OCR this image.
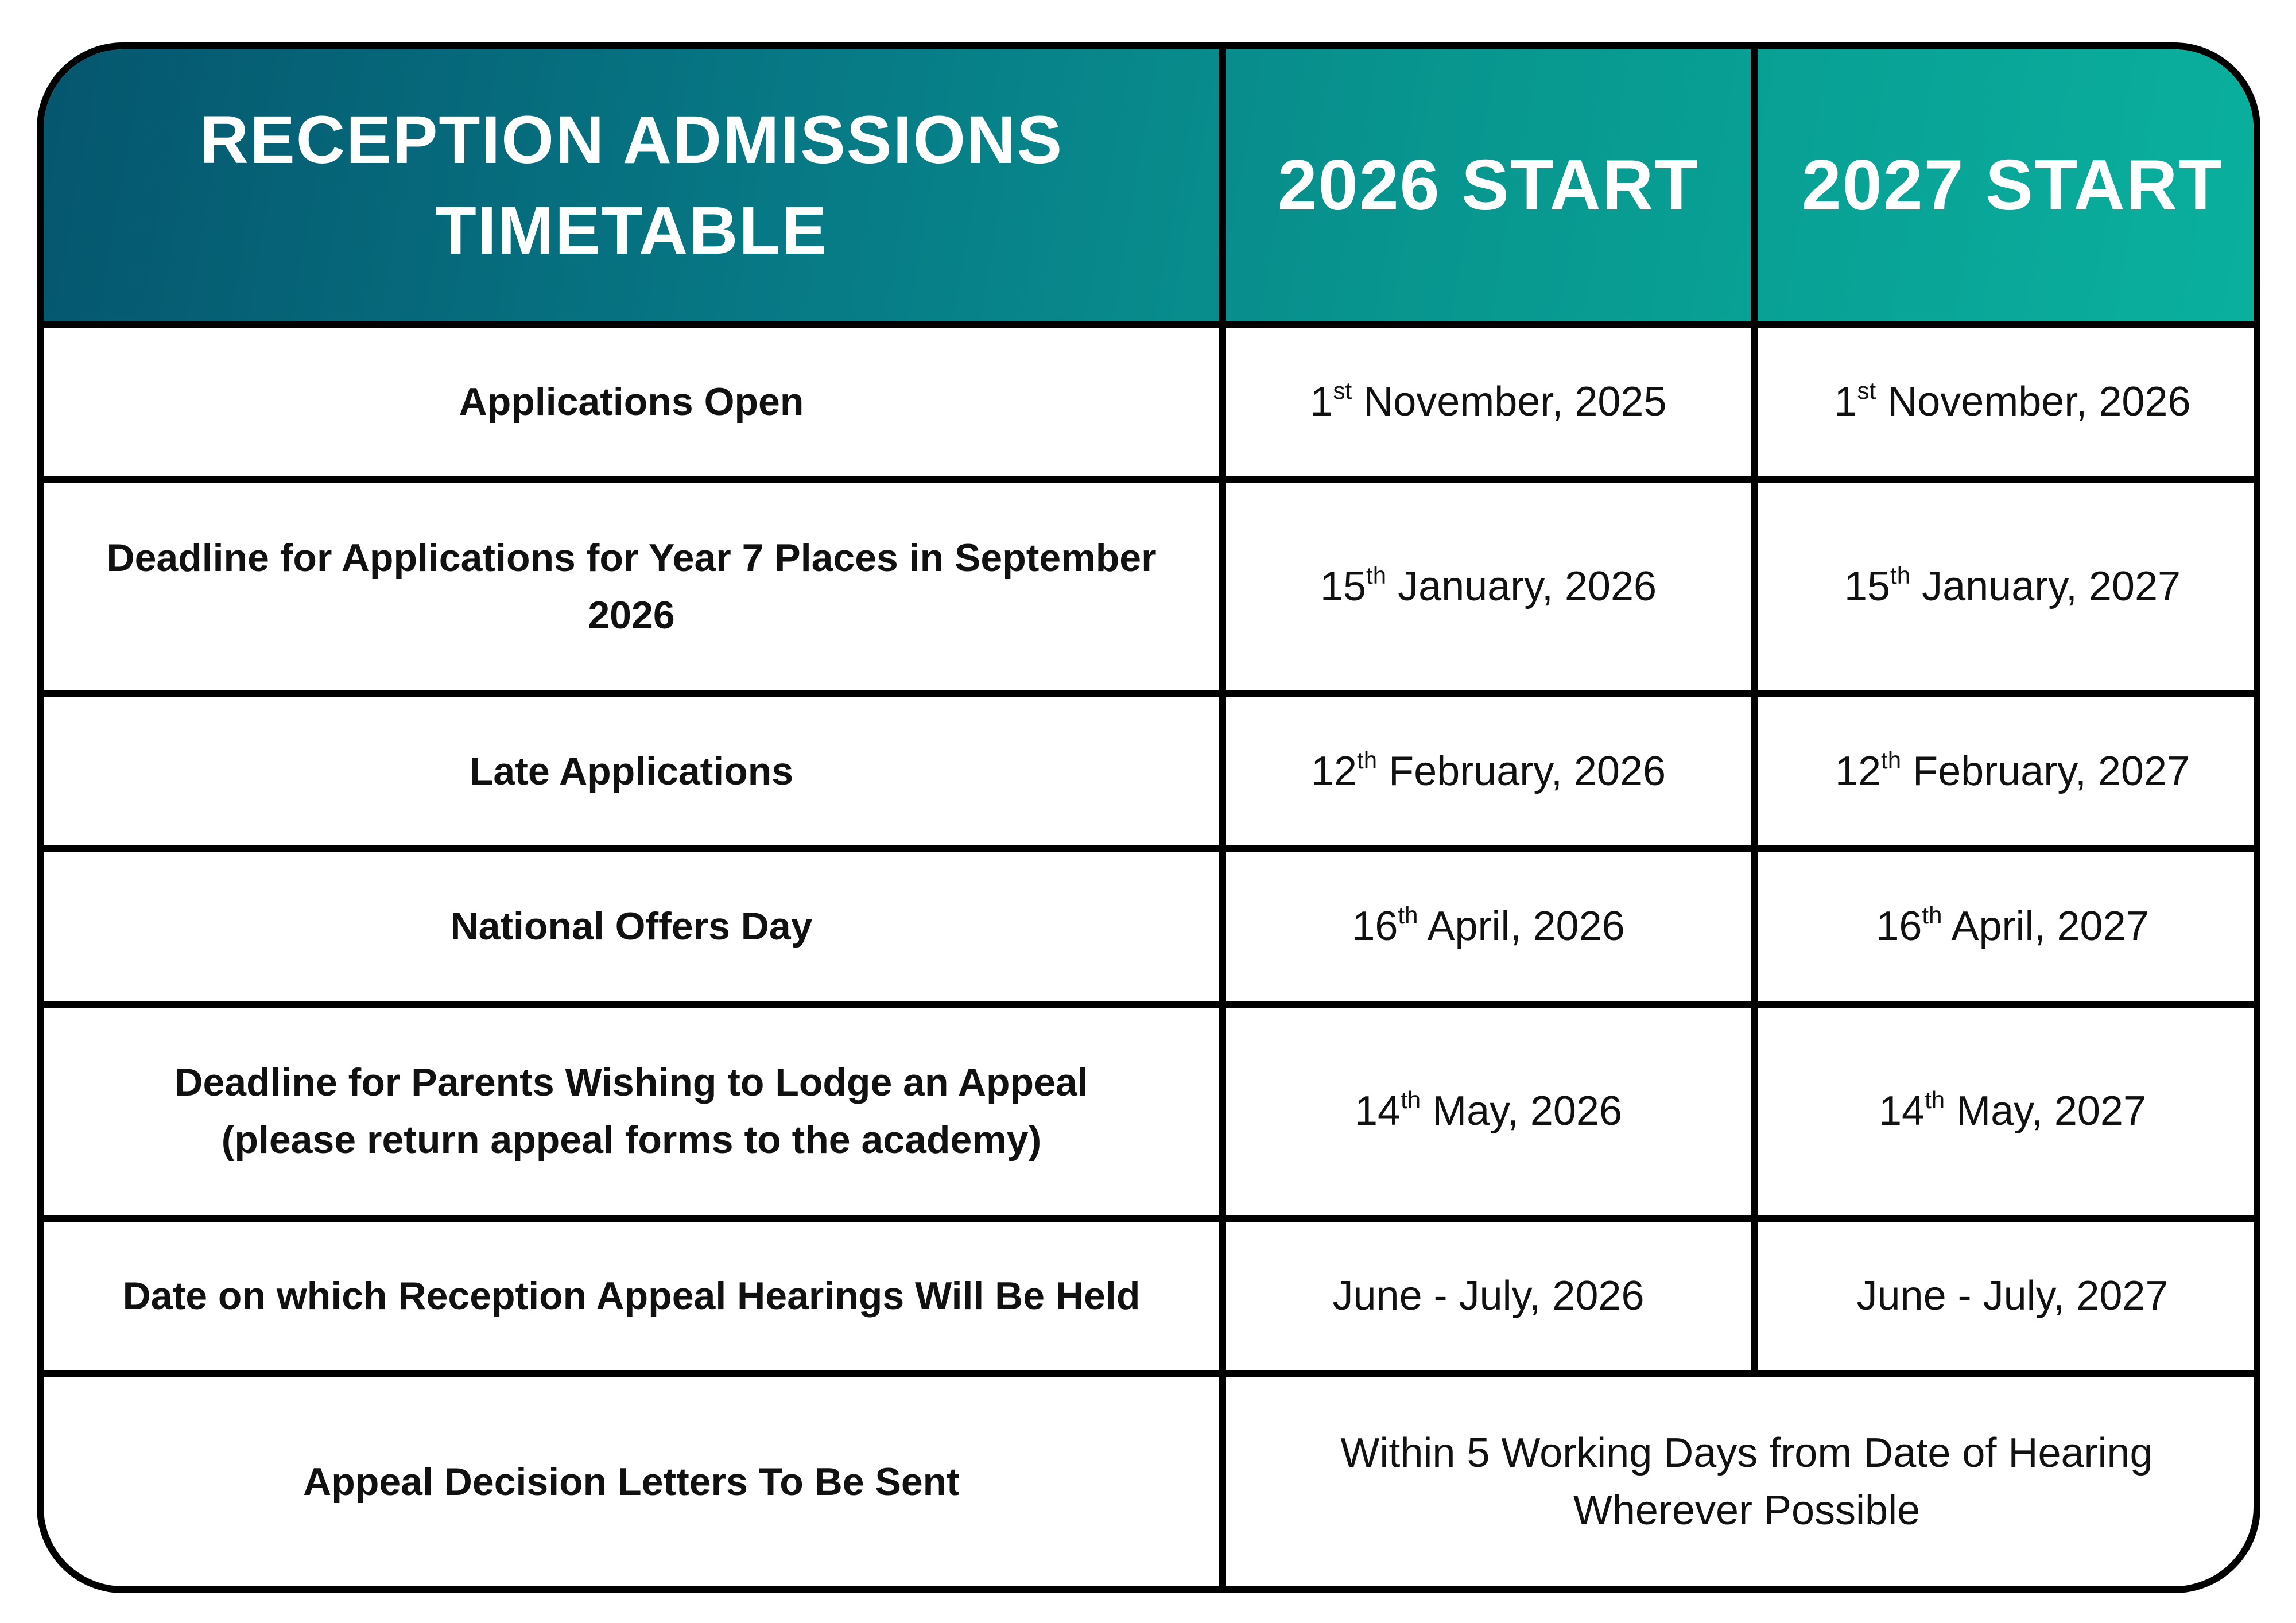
RECEPTION ADMISSIONS TIMETABLE	2026 START	2027 START

Applications Open	1st November, 2025	1st November, 2026
Deadline for Applications for Year 7 Places in September 2026	15th January, 2026	15th January, 2027
Late Applications	12th February, 2026	12th February, 2027
National Offers Day	16th April, 2026	16th April, 2027

Deadline for Parents Wishing to Lodge an Appeal
(please return appeal forms to the academy)	14th May, 2026	14th May, 2027
Date on which Reception Appeal Hearings Will Be Held	June - July, 2026	June - July, 2027
Appeal Decision Letters To Be Sent	Within 5 Working Days from Date of Hearing
Wherever Possible	
